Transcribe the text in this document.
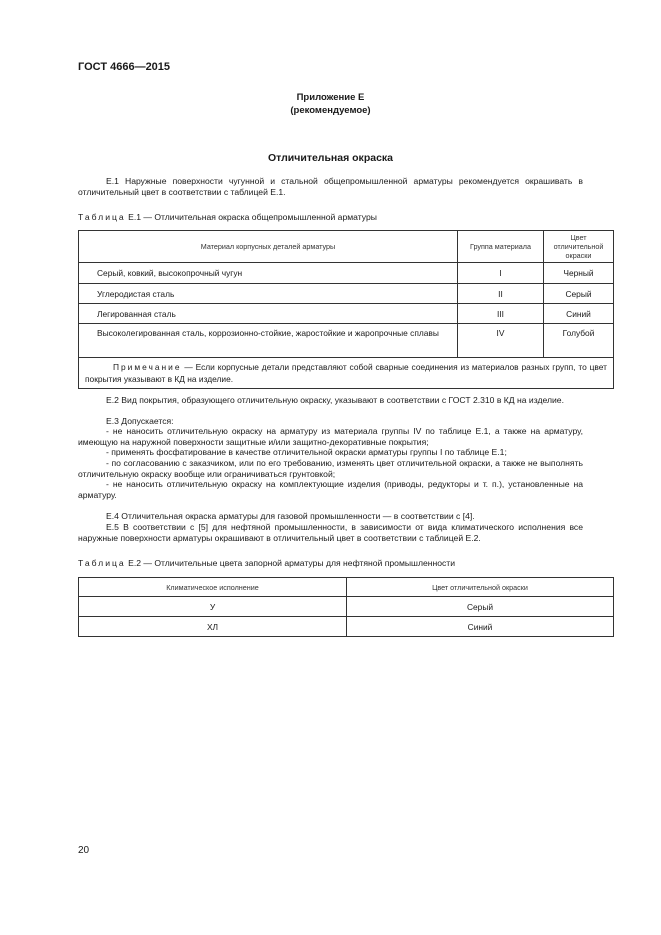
ГОСТ 4666—2015
Приложение Е
(рекомендуемое)
Отличительная окраска
Е.1 Наружные поверхности чугунной и стальной общепромышленной арматуры рекомендуется окрашивать в отличительный цвет в соответствии с таблицей Е.1.
Таблица Е.1 — Отличительная окраска общепромышленной арматуры
Материал корпусных деталей арматуры	Группа материала	Цвет отличительной окраски
Серый, ковкий, высокопрочный чугун	I	Черный
Углеродистая сталь	II	Серый
Легированная сталь	III	Синий
Высоколегированная сталь, коррозионно-стойкие, жаростойкие и жаропрочные сплавы	IV	Голубой
Примечание — Если корпусные детали представляют собой сварные соединения из материалов разных групп, то цвет покрытия указывают в КД на изделие.		
Е.2 Вид покрытия, образующего отличительную окраску, указывают в соответствии с ГОСТ 2.310 в КД на изделие.
Е.3 Допускается:
- не наносить отличительную окраску на арматуру из материала группы IV по таблице Е.1, а также на арматуру, имеющую на наружной поверхности защитные и/или защитно-декоративные покрытия;
- применять фосфатирование в качестве отличительной окраски арматуры группы I по таблице Е.1;
- по согласованию с заказчиком, или по его требованию, изменять цвет отличительной окраски, а также не выполнять отличительную окраску вообще или ограничиваться грунтовкой;
- не наносить отличительную окраску на комплектующие изделия (приводы, редукторы и т. п.), установленные на арматуру.
Е.4 Отличительная окраска арматуры для газовой промышленности — в соответствии с [4].
Е.5 В соответствии с [5] для нефтяной промышленности, в зависимости от вида климатического исполнения все наружные поверхности арматуры окрашивают в отличительный цвет в соответствии с таблицей Е.2.
Таблица Е.2 — Отличительные цвета запорной арматуры для нефтяной промышленности
Климатическое исполнение	Цвет отличительной окраски
У	Серый
ХЛ	Синий
20
